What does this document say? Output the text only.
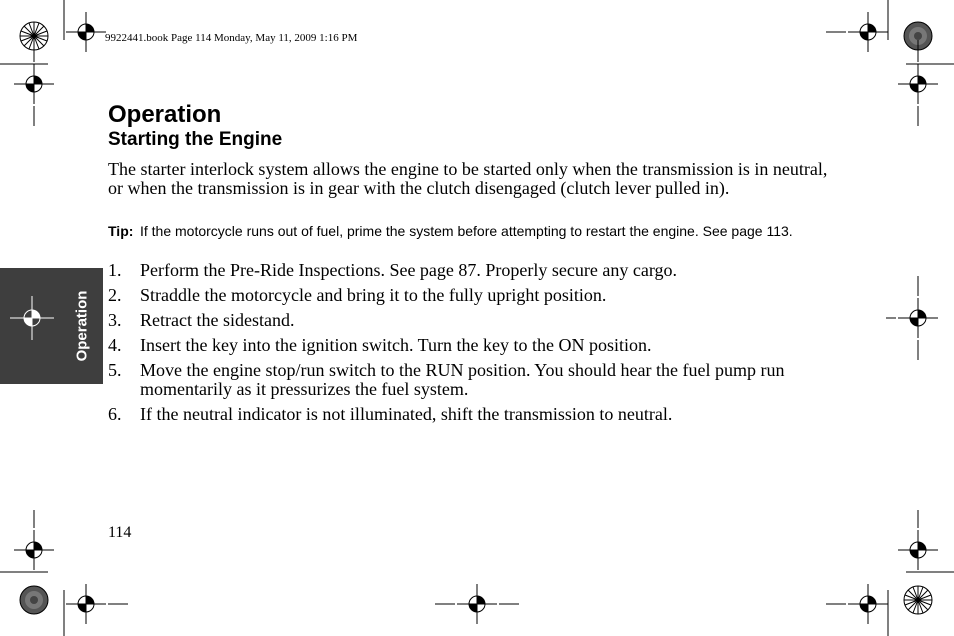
9922441.book Page 114 Monday, May 11, 2009 1:16 PM
Operation
Operation
Starting the Engine

The starter interlock system allows the engine to be started only when the transmission is in neutral, or when the transmission is in gear with the clutch disengaged (clutch lever pulled in).

Tip: If the motorcycle runs out of fuel, prime the system before attempting to restart the engine. See page 113.
1. Perform the Pre-Ride Inspections. See page 87. Properly secure any cargo.
2. Straddle the motorcycle and bring it to the fully upright position.
3. Retract the sidestand.
4. Insert the key into the ignition switch. Turn the key to the ON position.
5. Move the engine stop/run switch to the RUN position. You should hear the fuel pump run momentarily as it pressurizes the fuel system.
6. If the neutral indicator is not illuminated, shift the transmission to neutral.
114
